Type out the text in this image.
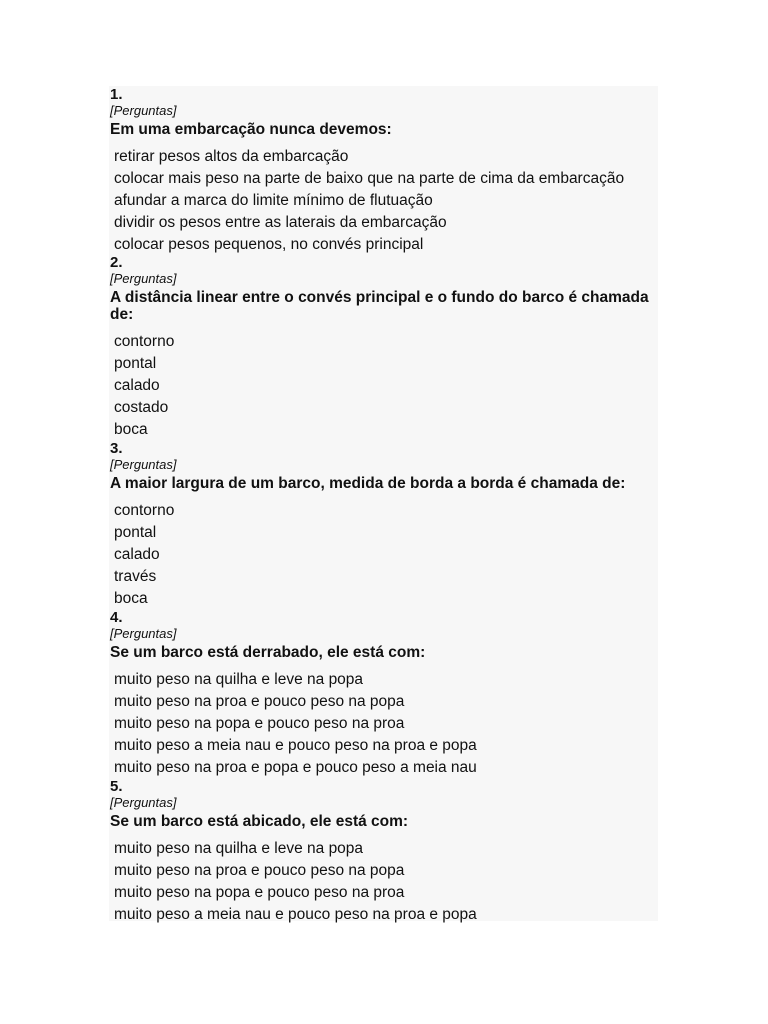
1.
[Perguntas]
Em uma embarcação nunca devemos:
retirar pesos altos da embarcação
colocar mais peso na parte de baixo que na parte de cima da embarcação
afundar a marca do limite mínimo de flutuação
dividir os pesos entre as laterais da embarcação
colocar pesos pequenos, no convés principal
2.
[Perguntas]
A distância linear entre o convés principal e o fundo do barco é chamada de:
contorno
pontal
calado
costado
boca
3.
[Perguntas]
A maior largura de um barco, medida de borda a borda é chamada de:
contorno
pontal
calado
través
boca
4.
[Perguntas]
Se um barco está derrabado, ele está com:
muito peso na quilha e leve na popa
muito peso na proa e pouco peso na popa
muito peso na popa e pouco peso na proa
muito peso a meia nau e pouco peso na proa e popa
muito peso na proa e popa e pouco peso a meia nau
5.
[Perguntas]
Se um barco está abicado, ele está com:
muito peso na quilha e leve na popa
muito peso na proa e pouco peso na popa
muito peso na popa e pouco peso na proa
muito peso a meia nau e pouco peso na proa e popa
